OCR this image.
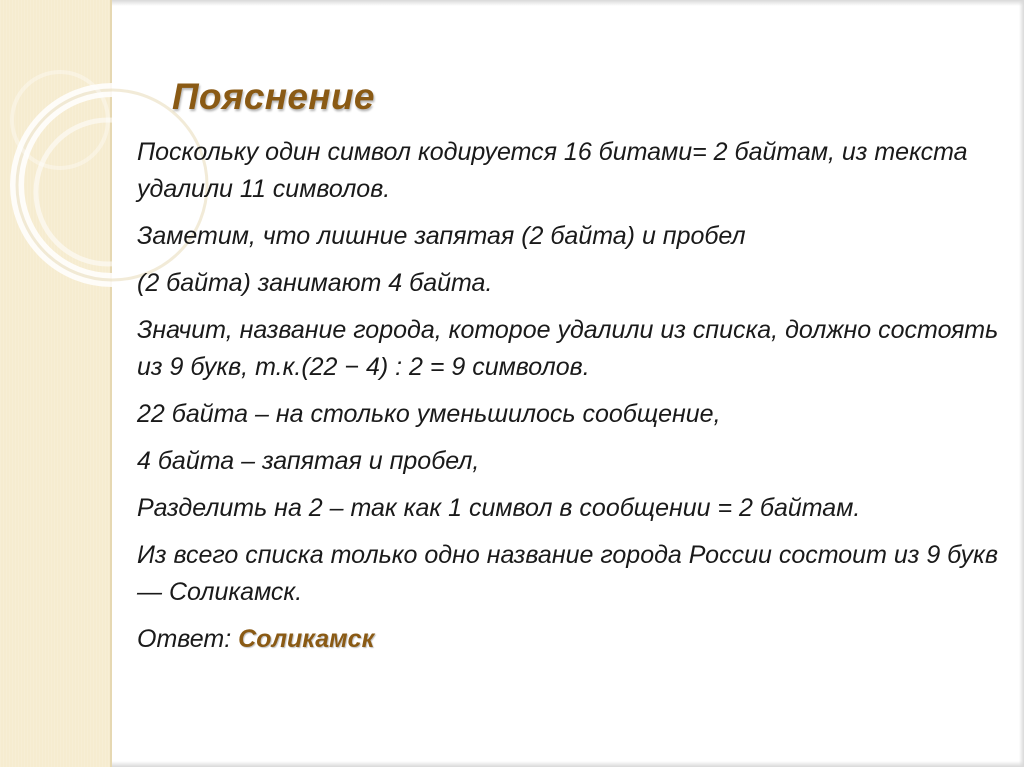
Пояснение

Поскольку один символ кодируется 16 битами= 2 байтам, из текста удалили 11 символов.

Заметим, что лишние запятая (2 байта) и пробел

(2 байта) занимают 4 байта.

Значит, название города, которое удалили из списка, должно состоять из 9 букв, т.к.(22 − 4) : 2 = 9 символов.

22 байта – на столько уменьшилось сообщение,

4 байта – запятая и пробел,

Разделить на 2 – так как 1 символ в сообщении = 2 байтам.

Из всего списка только одно название города России состоит из 9 букв — Соликамск.

Ответ: Соликамск
